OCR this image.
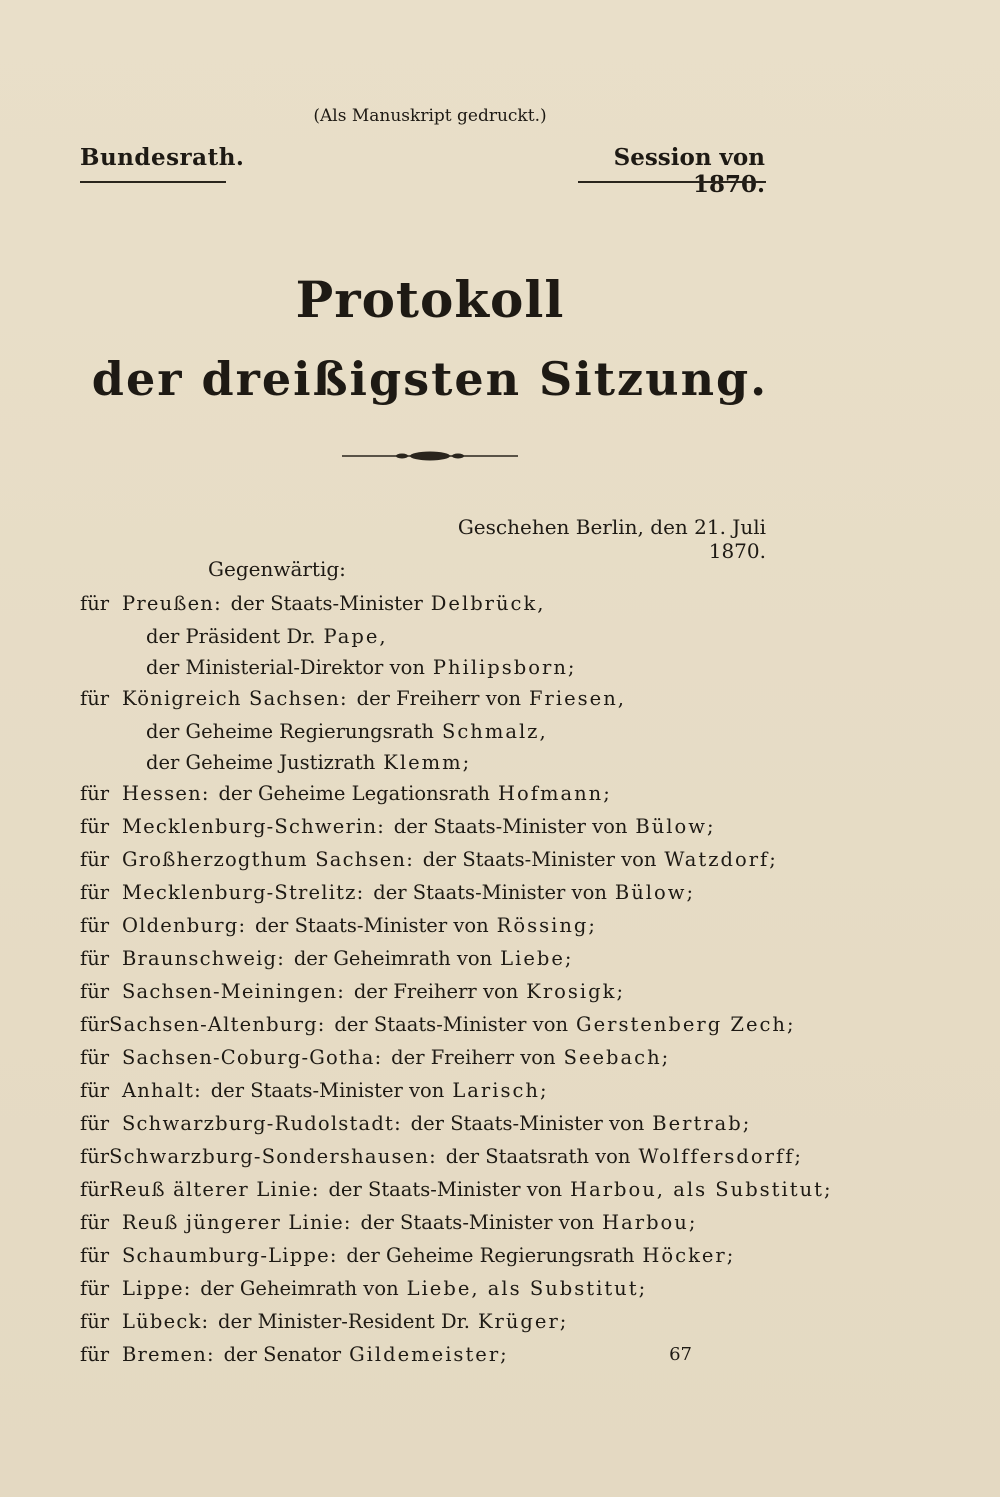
(Als Manuskript gedruckt.)
Bundesrath.	Session von 1870.
Protokoll
der dreißigsten Sitzung.
Geschehen Berlin, den 21. Juli 1870.
Gegenwärtig:
für Preußen : der Staats-Minister Delbrück ,
der Präsident Dr. Pape ,
der Ministerial-Direktor von Philipsborn ;
für Königreich Sachsen : der Freiherr von Friesen ,
der Geheime Regierungsrath Schmalz ,
der Geheime Justizrath Klemm ;
für Hessen : der Geheime Legationsrath Hofmann ;
für Mecklenburg-Schwerin : der Staats-Minister von Bülow ;
für Großherzogthum Sachsen : der Staats-Minister von Watzdorf ;
für Mecklenburg-Strelitz : der Staats-Minister von Bülow ;
für Oldenburg : der Staats-Minister von Rössing ;
für Braunschweig : der Geheimrath von Liebe ;
für Sachsen-Meiningen : der Freiherr von Krosigk ;
für Sachsen-Altenburg : der Staats-Minister von Gerstenberg Zech ;
für Sachsen-Coburg-Gotha : der Freiherr von Seebach ;
für Anhalt : der Staats-Minister von Larisch ;
für Schwarzburg-Rudolstadt : der Staats-Minister von Bertrab ;
für Schwarzburg-Sondershausen : der Staatsrath von Wolffersdorff ;
für Reuß älterer Linie : der Staats-Minister von Harbou, als Substitut ;
für Reuß jüngerer Linie : der Staats-Minister von Harbou ;
für Schaumburg-Lippe : der Geheime Regierungsrath Höcker ;
für Lippe : der Geheimrath von Liebe, als Substitut ;
für Lübeck : der Minister-Resident Dr. Krüger ;
für Bremen : der Senator Gildemeister ;	67
